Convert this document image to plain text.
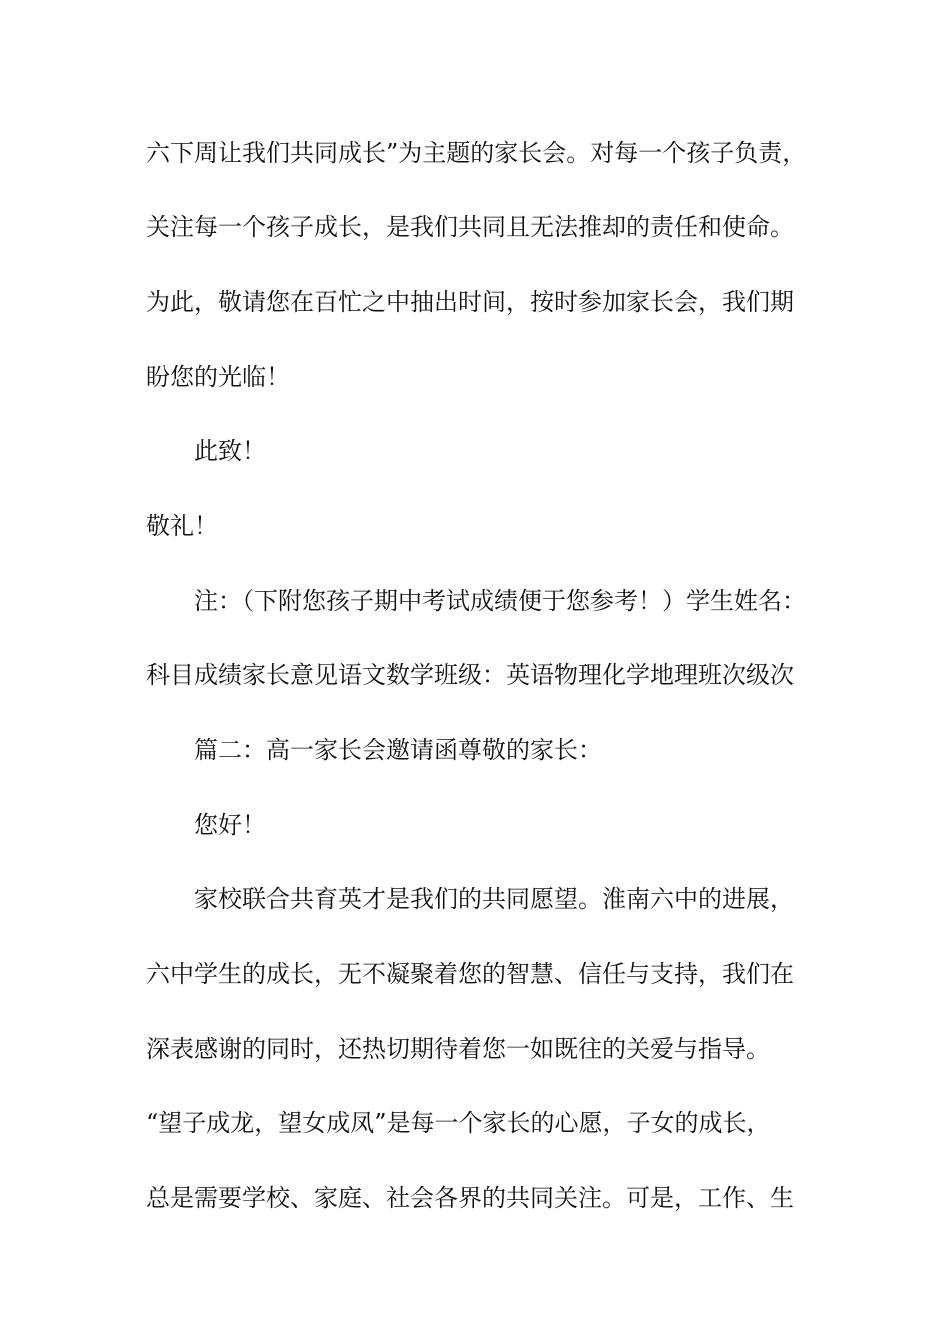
六下周让我们共同成长”为主题的家长会。对每一个孩子负责，

关注每一个孩子成长，是我们共同且无法推却的责任和使命。

为此，敬请您在百忙之中抽出时间，按时参加家长会，我们期

盼您的光临！

此致！

敬礼！

注：（下附您孩子期中考试成绩便于您参考！）学生姓名：

科目成绩家长意见语文数学班级：英语物理化学地理班次级次

篇二：高一家长会邀请函尊敬的家长：

您好！

家校联合共育英才是我们的共同愿望。淮南六中的进展，

六中学生的成长，无不凝聚着您的智慧、信任与支持，我们在

深表感谢的同时，还热切期待着您一如既往的关爱与指导。

“望子成龙，望女成凤”是每一个家长的心愿，子女的成长，

总是需要学校、家庭、社会各界的共同关注。可是，工作、生
